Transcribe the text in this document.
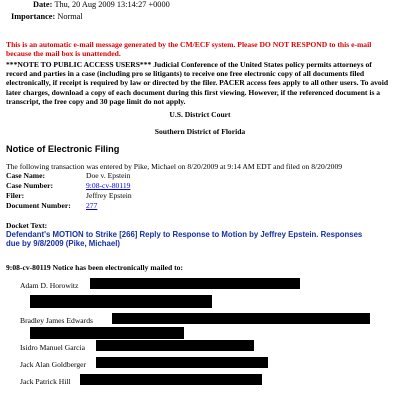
Date: Thu, 20 Aug 2009 13:14:27 +0000
Importance: Normal
This is an automatic e-mail message generated by the CM/ECF system. Please DO NOT RESPOND to this e-mail because the mail box is unattended.
***NOTE TO PUBLIC ACCESS USERS*** Judicial Conference of the United States policy permits attorneys of record and parties in a case (including pro se litigants) to receive one free electronic copy of all documents filed electronically, if receipt is required by law or directed by the filer. PACER access fees apply to all other users. To avoid later charges, download a copy of each document during this first viewing. However, if the referenced document is a transcript, the free copy and 30 page limit do not apply.
U.S. District Court
Southern District of Florida
Notice of Electronic Filing
The following transaction was entered by Pike, Michael on 8/20/2009 at 9:14 AM EDT and filed on 8/20/2009
Case Name:	Doe v. Epstein
Case Number:	9:08-cv-80119
Filer:	Jeffrey Epstein
Document Number: 277
Docket Text:
Defendant's MOTION to Strike [266] Reply to Response to Motion by Jeffrey Epstein. Responses due by 9/8/2009 (Pike, Michael)
9:08-cv-80119 Notice has been electronically mailed to:
Adam D. Horowitz
Bradley James Edwards
Isidro Manuel Garcia
Jack Alan Goldberger
Jack Patrick Hill
